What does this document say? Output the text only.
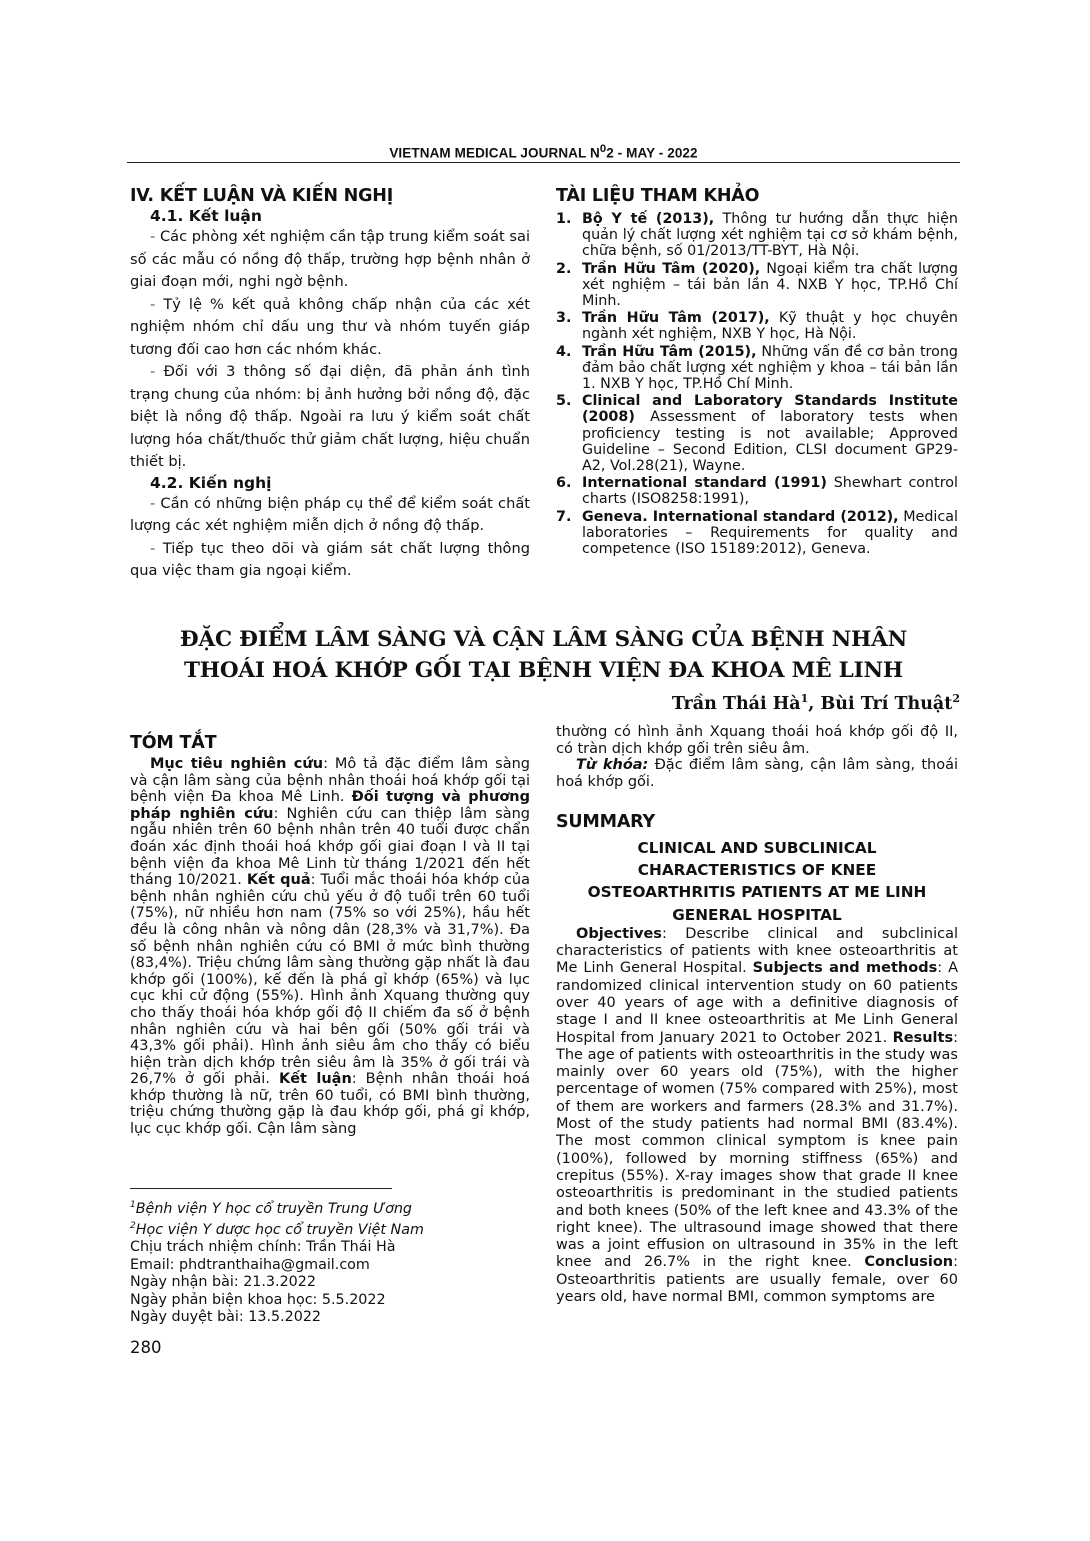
VIETNAM MEDICAL JOURNAL $N^02$ - MAY - 2022
IV. KẾT LUẬN VÀ KIẾN NGHỊ
4.1. Kết luận

- Các phòng xét nghiệm cần tập trung kiểm soát sai số các mẫu có nồng độ thấp, trường hợp bệnh nhân ở giai đoạn mới, nghi ngờ bệnh.

- Tỷ lệ % kết quả không chấp nhận của các xét nghiệm nhóm chỉ dấu ung thư và nhóm tuyến giáp tương đối cao hơn các nhóm khác.

- Đối với 3 thông số đại diện, đã phản ánh tình trạng chung của nhóm: bị ảnh hưởng bởi nồng độ, đặc biệt là nồng độ thấp. Ngoài ra lưu ý kiểm soát chất lượng hóa chất/thuốc thử giảm chất lượng, hiệu chuẩn thiết bị.

4.2. Kiến nghị

- Cần có những biện pháp cụ thể để kiểm soát chất lượng các xét nghiệm miễn dịch ở nồng độ thấp.

- Tiếp tục theo dõi và giám sát chất lượng thông qua việc tham gia ngoại kiểm.

TÀI LIỆU THAM KHẢO
1. Bộ Y tế (2013), Thông tư hướng dẫn thực hiện quản lý chất lượng xét nghiệm tại cơ sở khám bệnh, chữa bệnh, số 01/2013/TT-BYT, Hà Nội.
2. Trần Hữu Tâm (2020), Ngoại kiểm tra chất lượng xét nghiệm – tái bản lần 4. NXB Y học, TP.Hồ Chí Minh.
3. Trần Hữu Tâm (2017), Kỹ thuật y học chuyên ngành xét nghiệm, NXB Y học, Hà Nội.
4. Trần Hữu Tâm (2015), Những vấn đề cơ bản trong đảm bảo chất lượng xét nghiệm y khoa – tái bản lần 1. NXB Y học, TP.Hồ Chí Minh.
5. Clinical and Laboratory Standards Institute (2008) Assessment of laboratory tests when proficiency testing is not available; Approved Guideline – Second Edition, CLSI document GP29-A2, Vol.28(21), Wayne.
6. International standard (1991) Shewhart control charts (ISO8258:1991),
7. Geneva. International standard (2012), Medical laboratories – Requirements for quality and competence (ISO 15189:2012), Geneva.
ĐẶC ĐIỂM LÂM SÀNG VÀ CẬN LÂM SÀNG CỦA BỆNH NHÂN
THOÁI HOÁ KHỚP GỐI TẠI BỆNH VIỆN ĐA KHOA MÊ LINH
Trần Thái $Hà^1$, Bùi Trí Thuật$^2$
TÓM TẮT

Mục tiêu nghiên cứu: Mô tả đặc điểm lâm sàng và cận lâm sàng của bệnh nhân thoái hoá khớp gối tại bệnh viện Đa khoa Mê Linh. Đối tượng và phương pháp nghiên cứu: Nghiên cứu can thiệp lâm sàng ngẫu nhiên trên 60 bệnh nhân trên 40 tuổi được chẩn đoán xác định thoái hoá khớp gối giai đoạn I và II tại bệnh viện đa khoa Mê Linh từ tháng 1/2021 đến hết tháng 10/2021. Kết quả: Tuổi mắc thoái hóa khớp của bệnh nhân nghiên cứu chủ yếu ở độ tuổi trên 60 tuổi (75%), nữ nhiều hơn nam (75% so với 25%), hầu hết đều là công nhân và nông dân (28,3% và 31,7%). Đa số bệnh nhân nghiên cứu có BMI ở mức bình thường (83,4%). Triệu chứng lâm sàng thường gặp nhất là đau khớp gối (100%), kế đến là phá gỉ khớp (65%) và lục cục khi cử động (55%). Hình ảnh Xquang thường quy cho thấy thoái hóa khớp gối độ II chiếm đa số ở bệnh nhân nghiên cứu và hai bên gối (50% gối trái và 43,3% gối phải). Hình ảnh siêu âm cho thấy có biểu hiện tràn dịch khớp trên siêu âm là 35% ở gối trái và 26,7% ở gối phải. Kết luận: Bệnh nhân thoái hoá khớp thường là nữ, trên 60 tuổi, có BMI bình thường, triệu chứng thường gặp là đau khớp gối, phá gỉ khớp, lục cục khớp gối. Cận lâm sàng

thường có hình ảnh Xquang thoái hoá khớp gối độ II, có tràn dịch khớp gối trên siêu âm.

Từ khóa: Đặc điểm lâm sàng, cận lâm sàng, thoái hoá khớp gối.

SUMMARY
CLINICAL AND SUBCLINICAL
CHARACTERISTICS OF KNEE
OSTEOARTHRITIS PATIENTS AT ME LINH
GENERAL HOSPITAL

Objectives: Describe clinical and subclinical characteristics of patients with knee osteoarthritis at Me Linh General Hospital. Subjects and methods: A randomized clinical intervention study on 60 patients over 40 years of age with a definitive diagnosis of stage I and II knee osteoarthritis at Me Linh General Hospital from January 2021 to October 2021. Results: The age of patients with osteoarthritis in the study was mainly over 60 years old (75%), with the higher percentage of women (75% compared with 25%), most of them are workers and farmers (28.3% and 31.7%). Most of the study patients had normal BMI (83.4%). The most common clinical symptom is knee pain (100%), followed by morning stiffness (65%) and crepitus (55%). X-ray images show that grade II knee osteoarthritis is predominant in the studied patients and both knees (50% of the left knee and 43.3% of the right knee). The ultrasound image showed that there was a joint effusion on ultrasound in 35% in the left knee and 26.7% in the right knee. Conclusion: Osteoarthritis patients are usually female, over 60 years old, have normal BMI, common symptoms are

$^1$Bệnh viện Y học cổ truyền Trung Ương
$^2$Học viện Y dược học cổ truyền Việt Nam
Chịu trách nhiệm chính: Trần Thái Hà
Email: phdtranthaiha@gmail.com
Ngày nhận bài: 21.3.2022
Ngày phản biện khoa học: 5.5.2022
Ngày duyệt bài: 13.5.2022
280
